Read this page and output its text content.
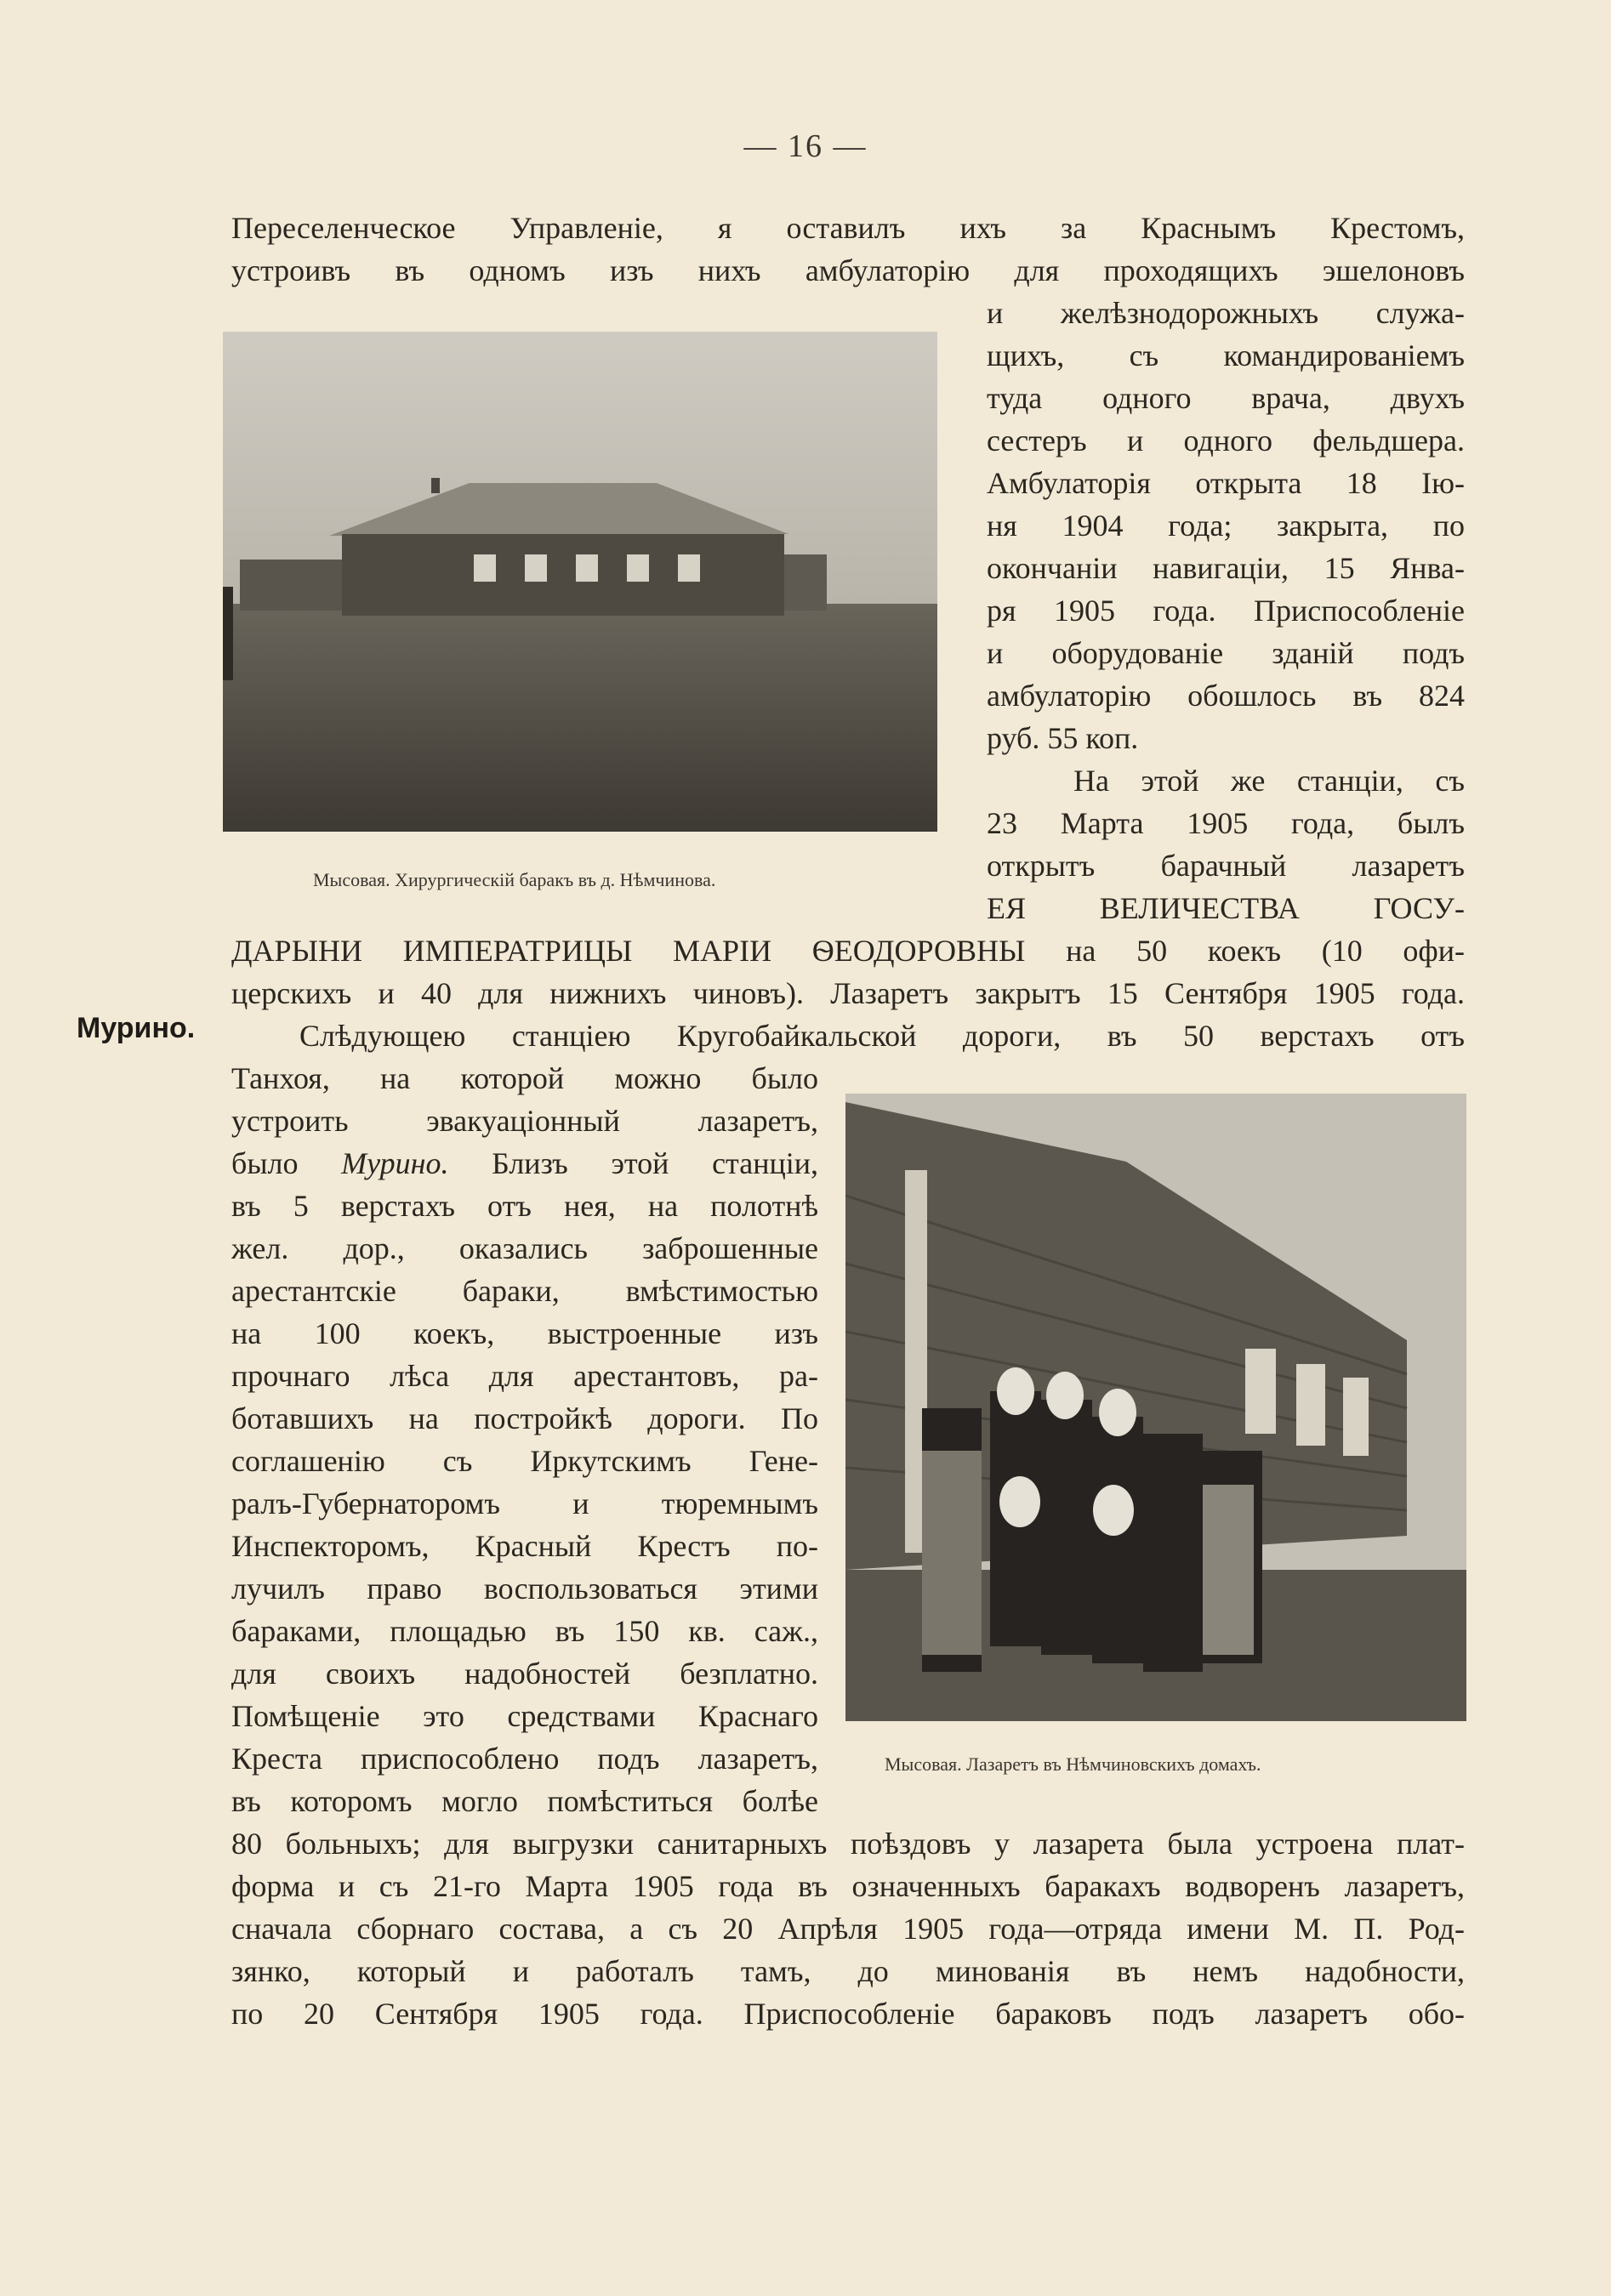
— 16 —
Переселенческое Управленіе, я оставилъ ихъ за Краснымъ Крестомъ,
устроивъ въ одномъ изъ нихъ амбулаторію для проходящихъ эшелоновъ
Мысовая. Хирургическій баракъ въ д. Нѣмчинова.
и желѣзнодорожныхъ служа-
щихъ, съ командированіемъ
туда одного врача, двухъ
сестеръ и одного фельдшера.
Амбулаторія открыта 18 Ію-
ня 1904 года; закрыта, по
окончаніи навигаціи, 15 Янва-
ря 1905 года. Приспособленіе
и оборудованіе зданій подъ
амбулаторію обошлось въ 824
руб. 55 коп.
На этой же станціи, съ
23 Марта 1905 года, былъ
открытъ барачный лазаретъ
ЕЯ ВЕЛИЧЕСТВА ГОСУ-
ДАРЫНИ ИМПЕРАТРИЦЫ МАРІИ ѲЕОДОРОВНЫ на 50 коекъ (10 офи-
церскихъ и 40 для нижнихъ чиновъ). Лазаретъ закрытъ 15 Сентября 1905 года.
Мурино.	Слѣдующею станціею Кругобайкальской дороги, въ 50 верстахъ отъ
Танхоя, на которой можно было
устроить эвакуаціонный лазаретъ,
было Мурино. Близъ этой станціи,
въ 5 верстахъ отъ нея, на полотнѣ
жел. дор., оказались заброшенные
арестантскіе бараки, вмѣстимостью
на 100 коекъ, выстроенные изъ
прочнаго лѣса для арестантовъ, ра-
ботавшихъ на постройкѣ дороги. По
соглашенію съ Иркутскимъ Гене-
ралъ-Губернаторомъ и тюремнымъ
Инспекторомъ, Красный Крестъ по-
лучилъ право воспользоваться этими
бараками, площадью въ 150 кв. саж.,
для своихъ надобностей безплатно.
Помѣщеніе это средствами Краснаго
Креста приспособлено подъ лазаретъ,
въ которомъ могло помѣститься болѣе
Мысовая. Лазаретъ въ Нѣмчиновскихъ домахъ.
80 больныхъ; для выгрузки санитарныхъ поѣздовъ у лазарета была устроена плат-
форма и съ 21-го Марта 1905 года въ означенныхъ баракахъ водворенъ лазаретъ,
сначала сборнаго состава, а съ 20 Апрѣля 1905 года—отряда имени М. П. Род-
зянко, который и работалъ тамъ, до минованія въ немъ надобности,
по 20 Сентября 1905 года. Приспособленіе бараковъ подъ лазаретъ обо-
